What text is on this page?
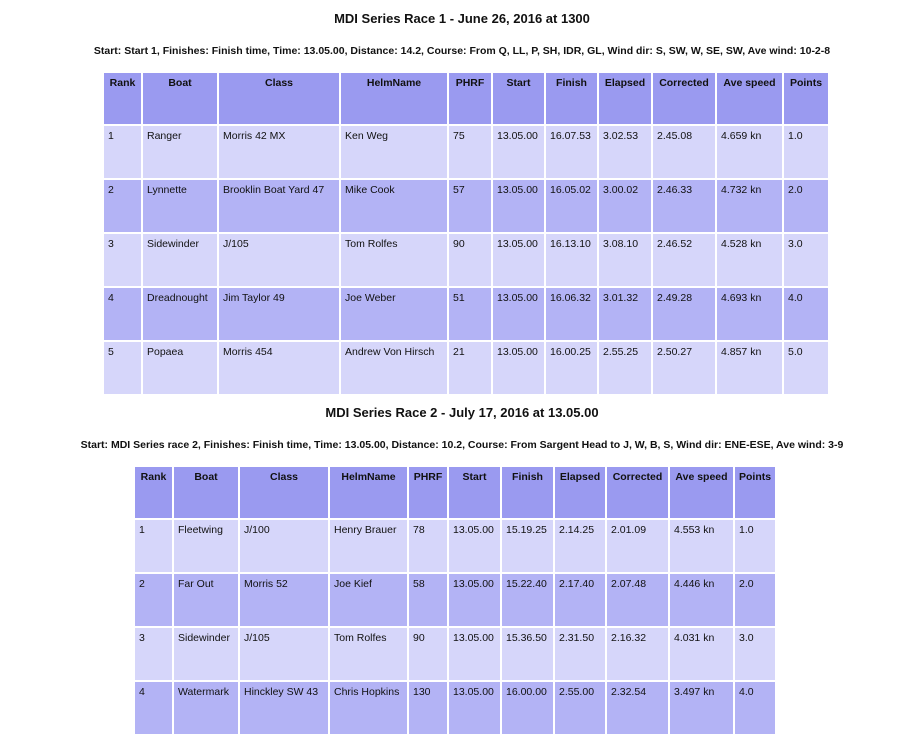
MDI Series Race 1 - June 26, 2016 at 1300
Start: Start 1, Finishes: Finish time, Time: 13.05.00, Distance: 14.2, Course: From Q, LL, P, SH, IDR, GL, Wind dir: S, SW, W, SE, SW, Ave wind: 10-2-8
Rank	Boat	Class	HelmName	PHRF	Start	Finish	Elapsed	Corrected	Ave speed	Points
1	Ranger	Morris 42 MX	Ken Weg	75	13.05.00	16.07.53	3.02.53	2.45.08	4.659 kn	1.0
2	Lynnette	Brooklin Boat Yard 47	Mike Cook	57	13.05.00	16.05.02	3.00.02	2.46.33	4.732 kn	2.0
3	Sidewinder	J/105	Tom Rolfes	90	13.05.00	16.13.10	3.08.10	2.46.52	4.528 kn	3.0
4	Dreadnought	Jim Taylor 49	Joe Weber	51	13.05.00	16.06.32	3.01.32	2.49.28	4.693 kn	4.0
5	Popaea	Morris 454	Andrew Von Hirsch	21	13.05.00	16.00.25	2.55.25	2.50.27	4.857 kn	5.0
MDI Series Race 2 - July 17, 2016 at 13.05.00
Start: MDI Series race 2, Finishes: Finish time, Time: 13.05.00, Distance: 10.2, Course: From Sargent Head to J, W, B, S, Wind dir: ENE-ESE, Ave wind: 3-9
Rank	Boat	Class	HelmName	PHRF	Start	Finish	Elapsed	Corrected	Ave speed	Points
1	Fleetwing	J/100	Henry Brauer	78	13.05.00	15.19.25	2.14.25	2.01.09	4.553 kn	1.0
2	Far Out	Morris 52	Joe Kief	58	13.05.00	15.22.40	2.17.40	2.07.48	4.446 kn	2.0
3	Sidewinder	J/105	Tom Rolfes	90	13.05.00	15.36.50	2.31.50	2.16.32	4.031 kn	3.0
4	Watermark	Hinckley SW 43	Chris Hopkins	130	13.05.00	16.00.00	2.55.00	2.32.54	3.497 kn	4.0
